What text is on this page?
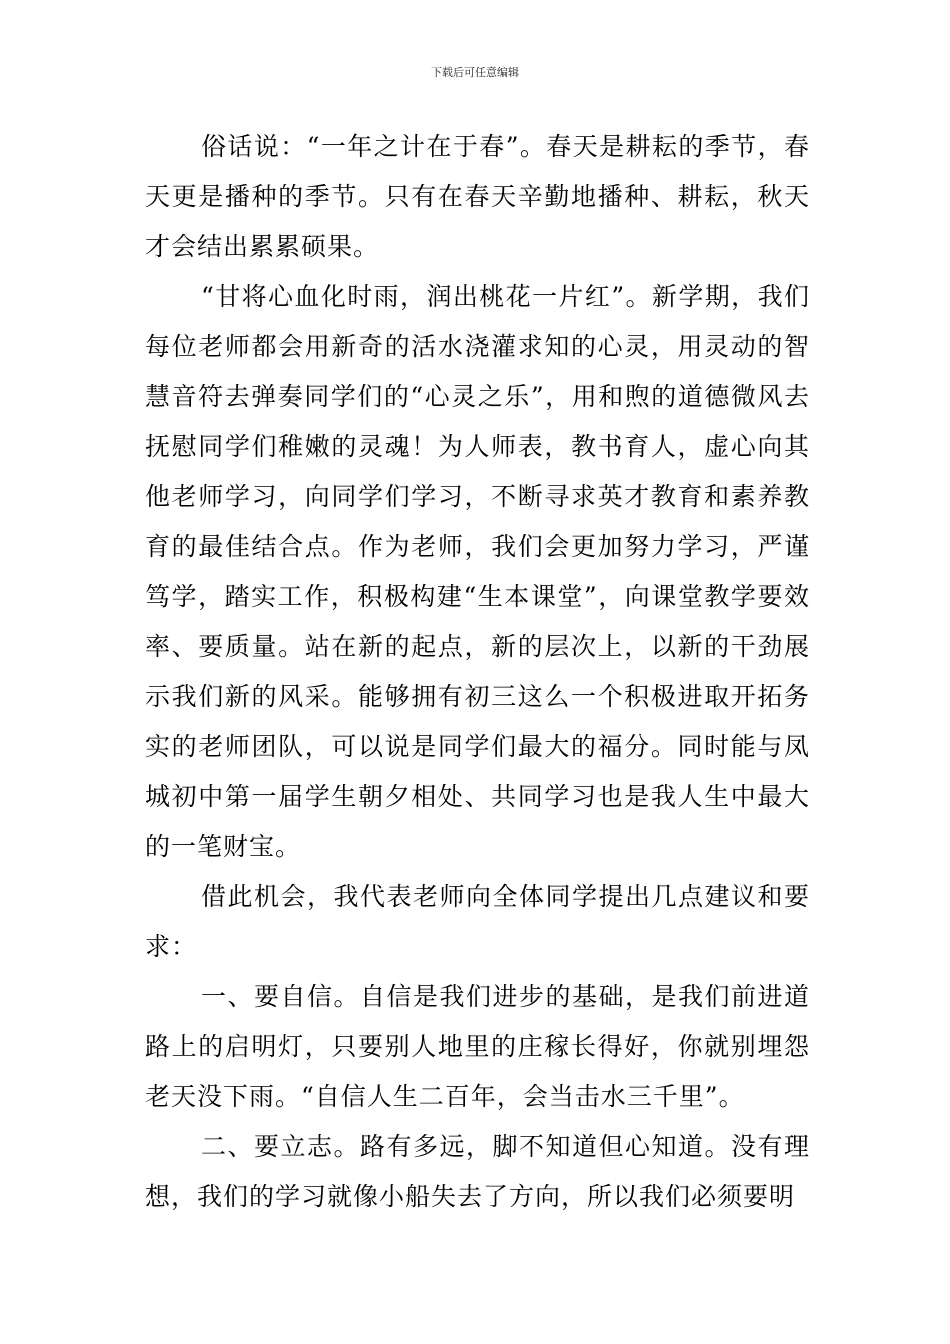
下载后可任意编辑

俗话说：“一年之计在于春”。春天是耕耘的季节，春天更是播种的季节。只有在春天辛勤地播种、耕耘，秋天才会结出累累硕果。

“甘将心血化时雨，润出桃花一片红”。新学期，我们每位老师都会用新奇的活水浇灌求知的心灵，用灵动的智慧音符去弹奏同学们的“心灵之乐”，用和煦的道德微风去抚慰同学们稚嫩的灵魂！为人师表，教书育人，虚心向其他老师学习，向同学们学习，不断寻求英才教育和素养教育的最佳结合点。作为老师，我们会更加努力学习，严谨笃学，踏实工作，积极构建“生本课堂”，向课堂教学要效率、要质量。站在新的起点，新的层次上，以新的干劲展示我们新的风采。能够拥有初三这么一个积极进取开拓务实的老师团队，可以说是同学们最大的福分。同时能与凤城初中第一届学生朝夕相处、共同学习也是我人生中最大的一笔财宝。

借此机会，我代表老师向全体同学提出几点建议和要求：

一、要自信。自信是我们进步的基础，是我们前进道路上的启明灯，只要别人地里的庄稼长得好，你就别埋怨老天没下雨。“自信人生二百年，会当击水三千里”。

二、要立志。路有多远，脚不知道但心知道。没有理想，我们的学习就像小船失去了方向，所以我们必须要明
